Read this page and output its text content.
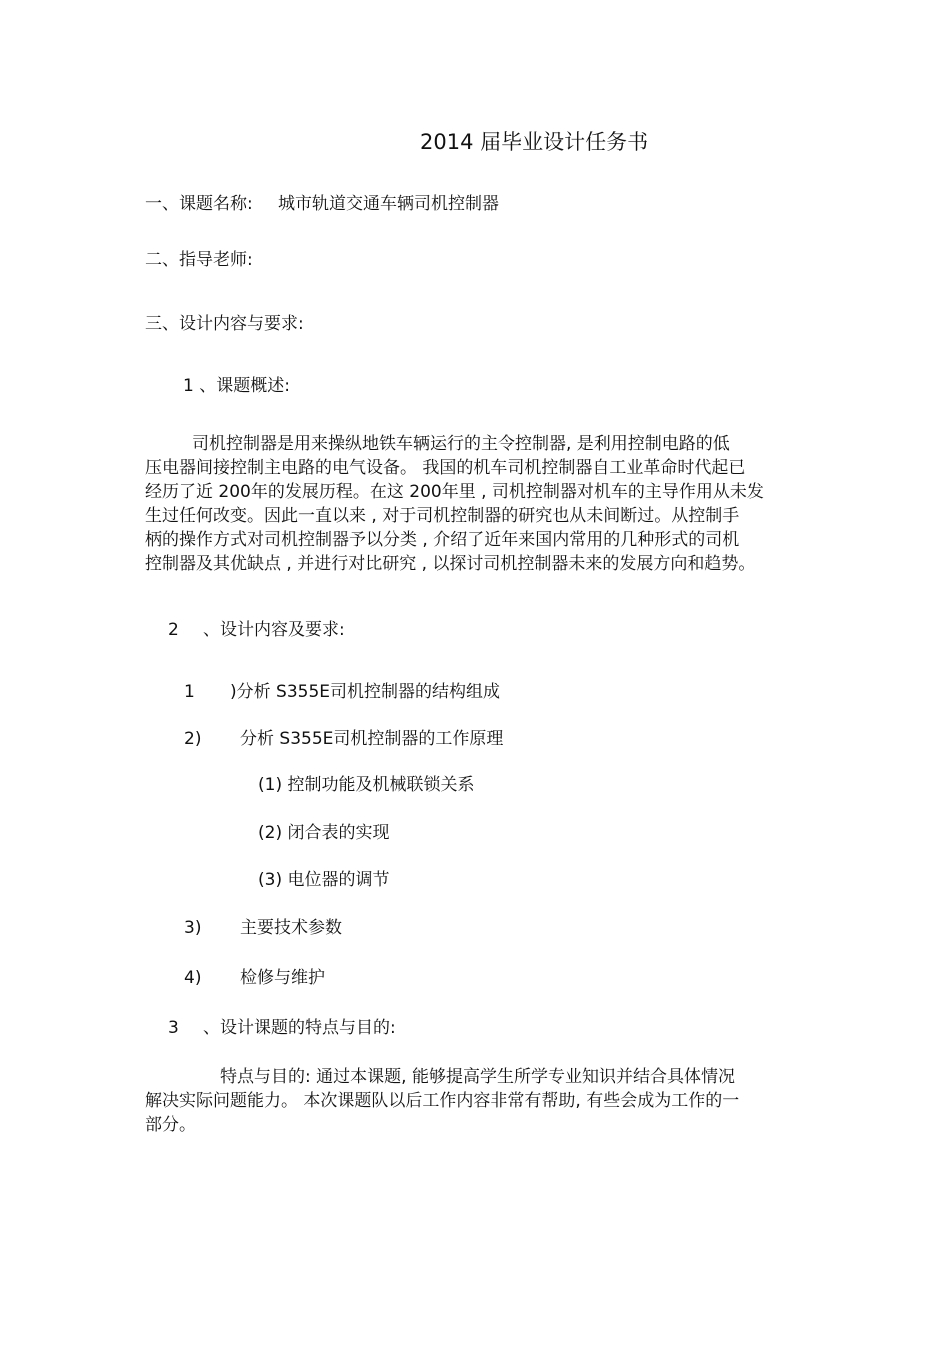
2014 届毕业设计任务书
一、课题名称: 城市轨道交通车辆司机控制器
二、指导老师:
三、设计内容与要求:
1 、课题概述:
司机控制器是用来操纵地铁车辆运行的主令控制器, 是利用控制电路的低
压电器间接控制主电路的电气设备。 我国的机车司机控制器自工业革命时代起已
经历了近 200年的发展历程。在这 200年里 , 司机控制器对机车的主导作用从未发
生过任何改变。因此一直以来 , 对于司机控制器的研究也从未间断过。从控制手
柄的操作方式对司机控制器予以分类 , 介绍了近年来国内常用的几种形式的司机
控制器及其优缺点 , 并进行对比研究 , 以探讨司机控制器未来的发展方向和趋势。
2 、设计内容及要求:
1 )分析 S355E司机控制器的结构组成
2) 分析 S355E司机控制器的工作原理
(1) 控制功能及机械联锁关系
(2) 闭合表的实现
(3) 电位器的调节
3) 主要技术参数
4) 检修与维护
3 、设计课题的特点与目的:
特点与目的: 通过本课题, 能够提高学生所学专业知识并结合具体情况
解决实际问题能力。 本次课题队以后工作内容非常有帮助, 有些会成为工作的一
部分。
